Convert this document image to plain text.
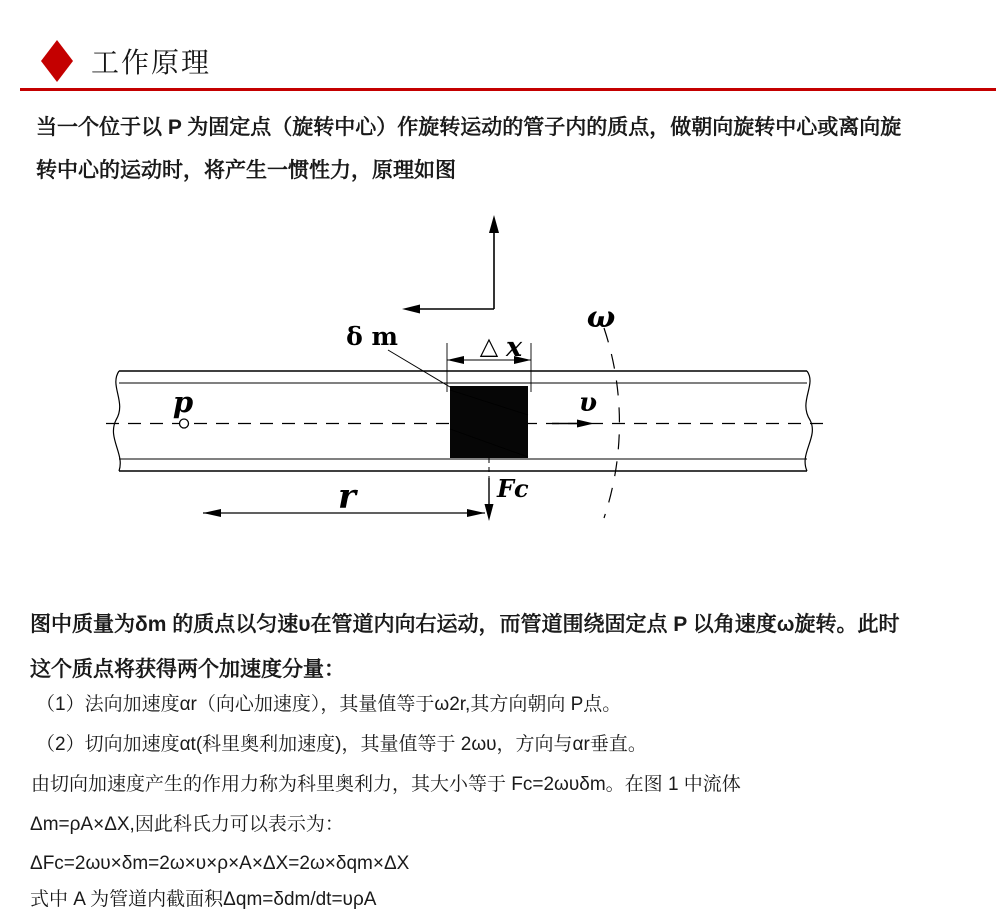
工作原理
当一个位于以 P 为固定点（旋转中心）作旋转运动的管子内的质点，做朝向旋转中心或离向旋
转中心的运动时，将产生一惯性力，原理如图
ω
p
△ x
δ m
υ
Fc
r
图中质量为δm 的质点以匀速υ在管道内向右运动，而管道围绕固定点 P 以角速度ω旋转。此时
这个质点将获得两个加速度分量：
（1）法向加速度αr（向心加速度），其量值等于ω2r,其方向朝向 P点。
（2）切向加速度αt(科里奥利加速度)，其量值等于 2ωυ，方向与αr垂直。
由切向加速度产生的作用力称为科里奥利力，其大小等于 Fc=2ωυδm。在图 1 中流体
Δm=ρA×ΔX,因此科氏力可以表示为：
ΔFc=2ωυ×δm=2ω×υ×ρ×A×ΔX=2ω×δqm×ΔX
式中 A 为管道内截面积Δqm=δdm/dt=υρA
